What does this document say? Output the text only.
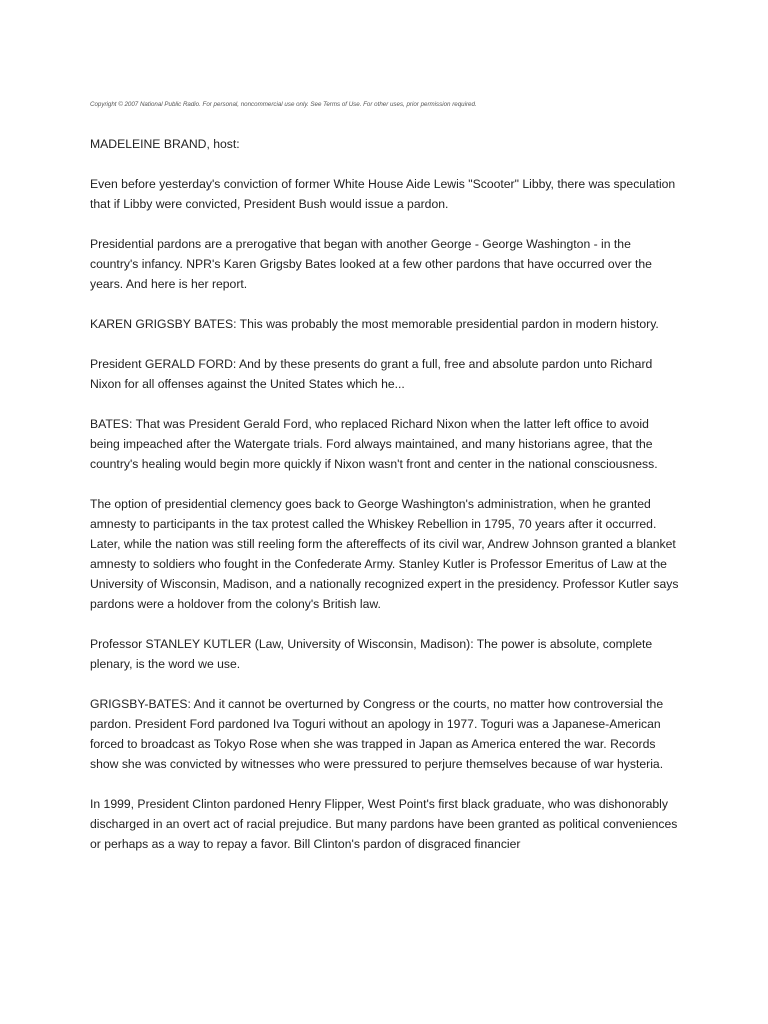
Copyright © 2007 National Public Radio. For personal, noncommercial use only. See Terms of Use. For other uses, prior permission required.

MADELEINE BRAND, host:

Even before yesterday's conviction of former White House Aide Lewis "Scooter" Libby, there was speculation that if Libby were convicted, President Bush would issue a pardon.

Presidential pardons are a prerogative that began with another George - George Washington - in the country's infancy. NPR's Karen Grigsby Bates looked at a few other pardons that have occurred over the years. And here is her report.

KAREN GRIGSBY BATES: This was probably the most memorable presidential pardon in modern history.

President GERALD FORD: And by these presents do grant a full, free and absolute pardon unto Richard Nixon for all offenses against the United States which he...

BATES: That was President Gerald Ford, who replaced Richard Nixon when the latter left office to avoid being impeached after the Watergate trials. Ford always maintained, and many historians agree, that the country's healing would begin more quickly if Nixon wasn't front and center in the national consciousness.

The option of presidential clemency goes back to George Washington's administration, when he granted amnesty to participants in the tax protest called the Whiskey Rebellion in 1795, 70 years after it occurred. Later, while the nation was still reeling form the aftereffects of its civil war, Andrew Johnson granted a blanket amnesty to soldiers who fought in the Confederate Army. Stanley Kutler is Professor Emeritus of Law at the University of Wisconsin, Madison, and a nationally recognized expert in the presidency. Professor Kutler says pardons were a holdover from the colony's British law.

Professor STANLEY KUTLER (Law, University of Wisconsin, Madison): The power is absolute, complete plenary, is the word we use.

GRIGSBY-BATES: And it cannot be overturned by Congress or the courts, no matter how controversial the pardon. President Ford pardoned Iva Toguri without an apology in 1977. Toguri was a Japanese-American forced to broadcast as Tokyo Rose when she was trapped in Japan as America entered the war. Records show she was convicted by witnesses who were pressured to perjure themselves because of war hysteria.

In 1999, President Clinton pardoned Henry Flipper, West Point's first black graduate, who was dishonorably discharged in an overt act of racial prejudice. But many pardons have been granted as political conveniences or perhaps as a way to repay a favor. Bill Clinton's pardon of disgraced financier
